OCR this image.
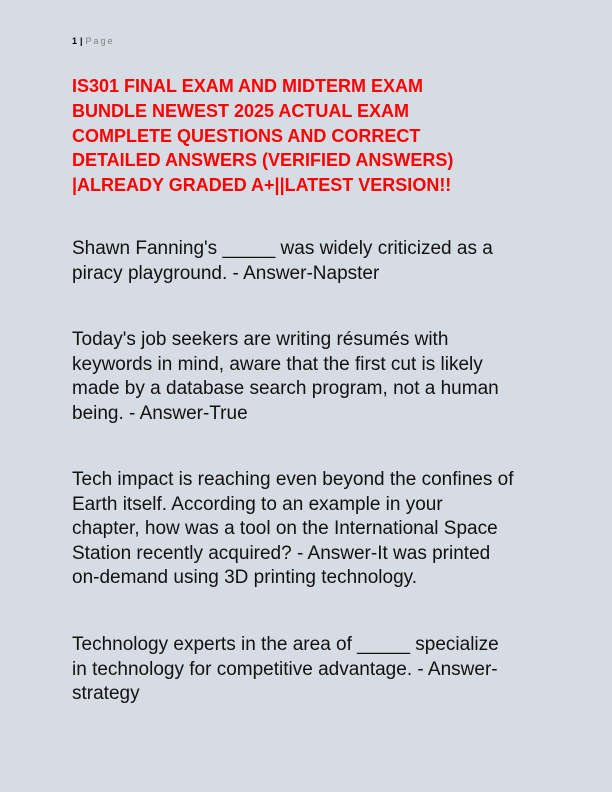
1 | Page
IS301 FINAL EXAM AND MIDTERM EXAM
BUNDLE NEWEST 2025 ACTUAL EXAM
COMPLETE QUESTIONS AND CORRECT
DETAILED ANSWERS (VERIFIED ANSWERS)
|ALREADY GRADED A+||LATEST VERSION!!

Shawn Fanning's _____ was widely criticized as a
piracy playground. - Answer-Napster

Today's job seekers are writing résumés with
keywords in mind, aware that the first cut is likely
made by a database search program, not a human
being. - Answer-True

Tech impact is reaching even beyond the confines of
Earth itself. According to an example in your
chapter, how was a tool on the International Space
Station recently acquired? - Answer-It was printed
on-demand using 3D printing technology.

Technology experts in the area of _____ specialize
in technology for competitive advantage. - Answer-
strategy
